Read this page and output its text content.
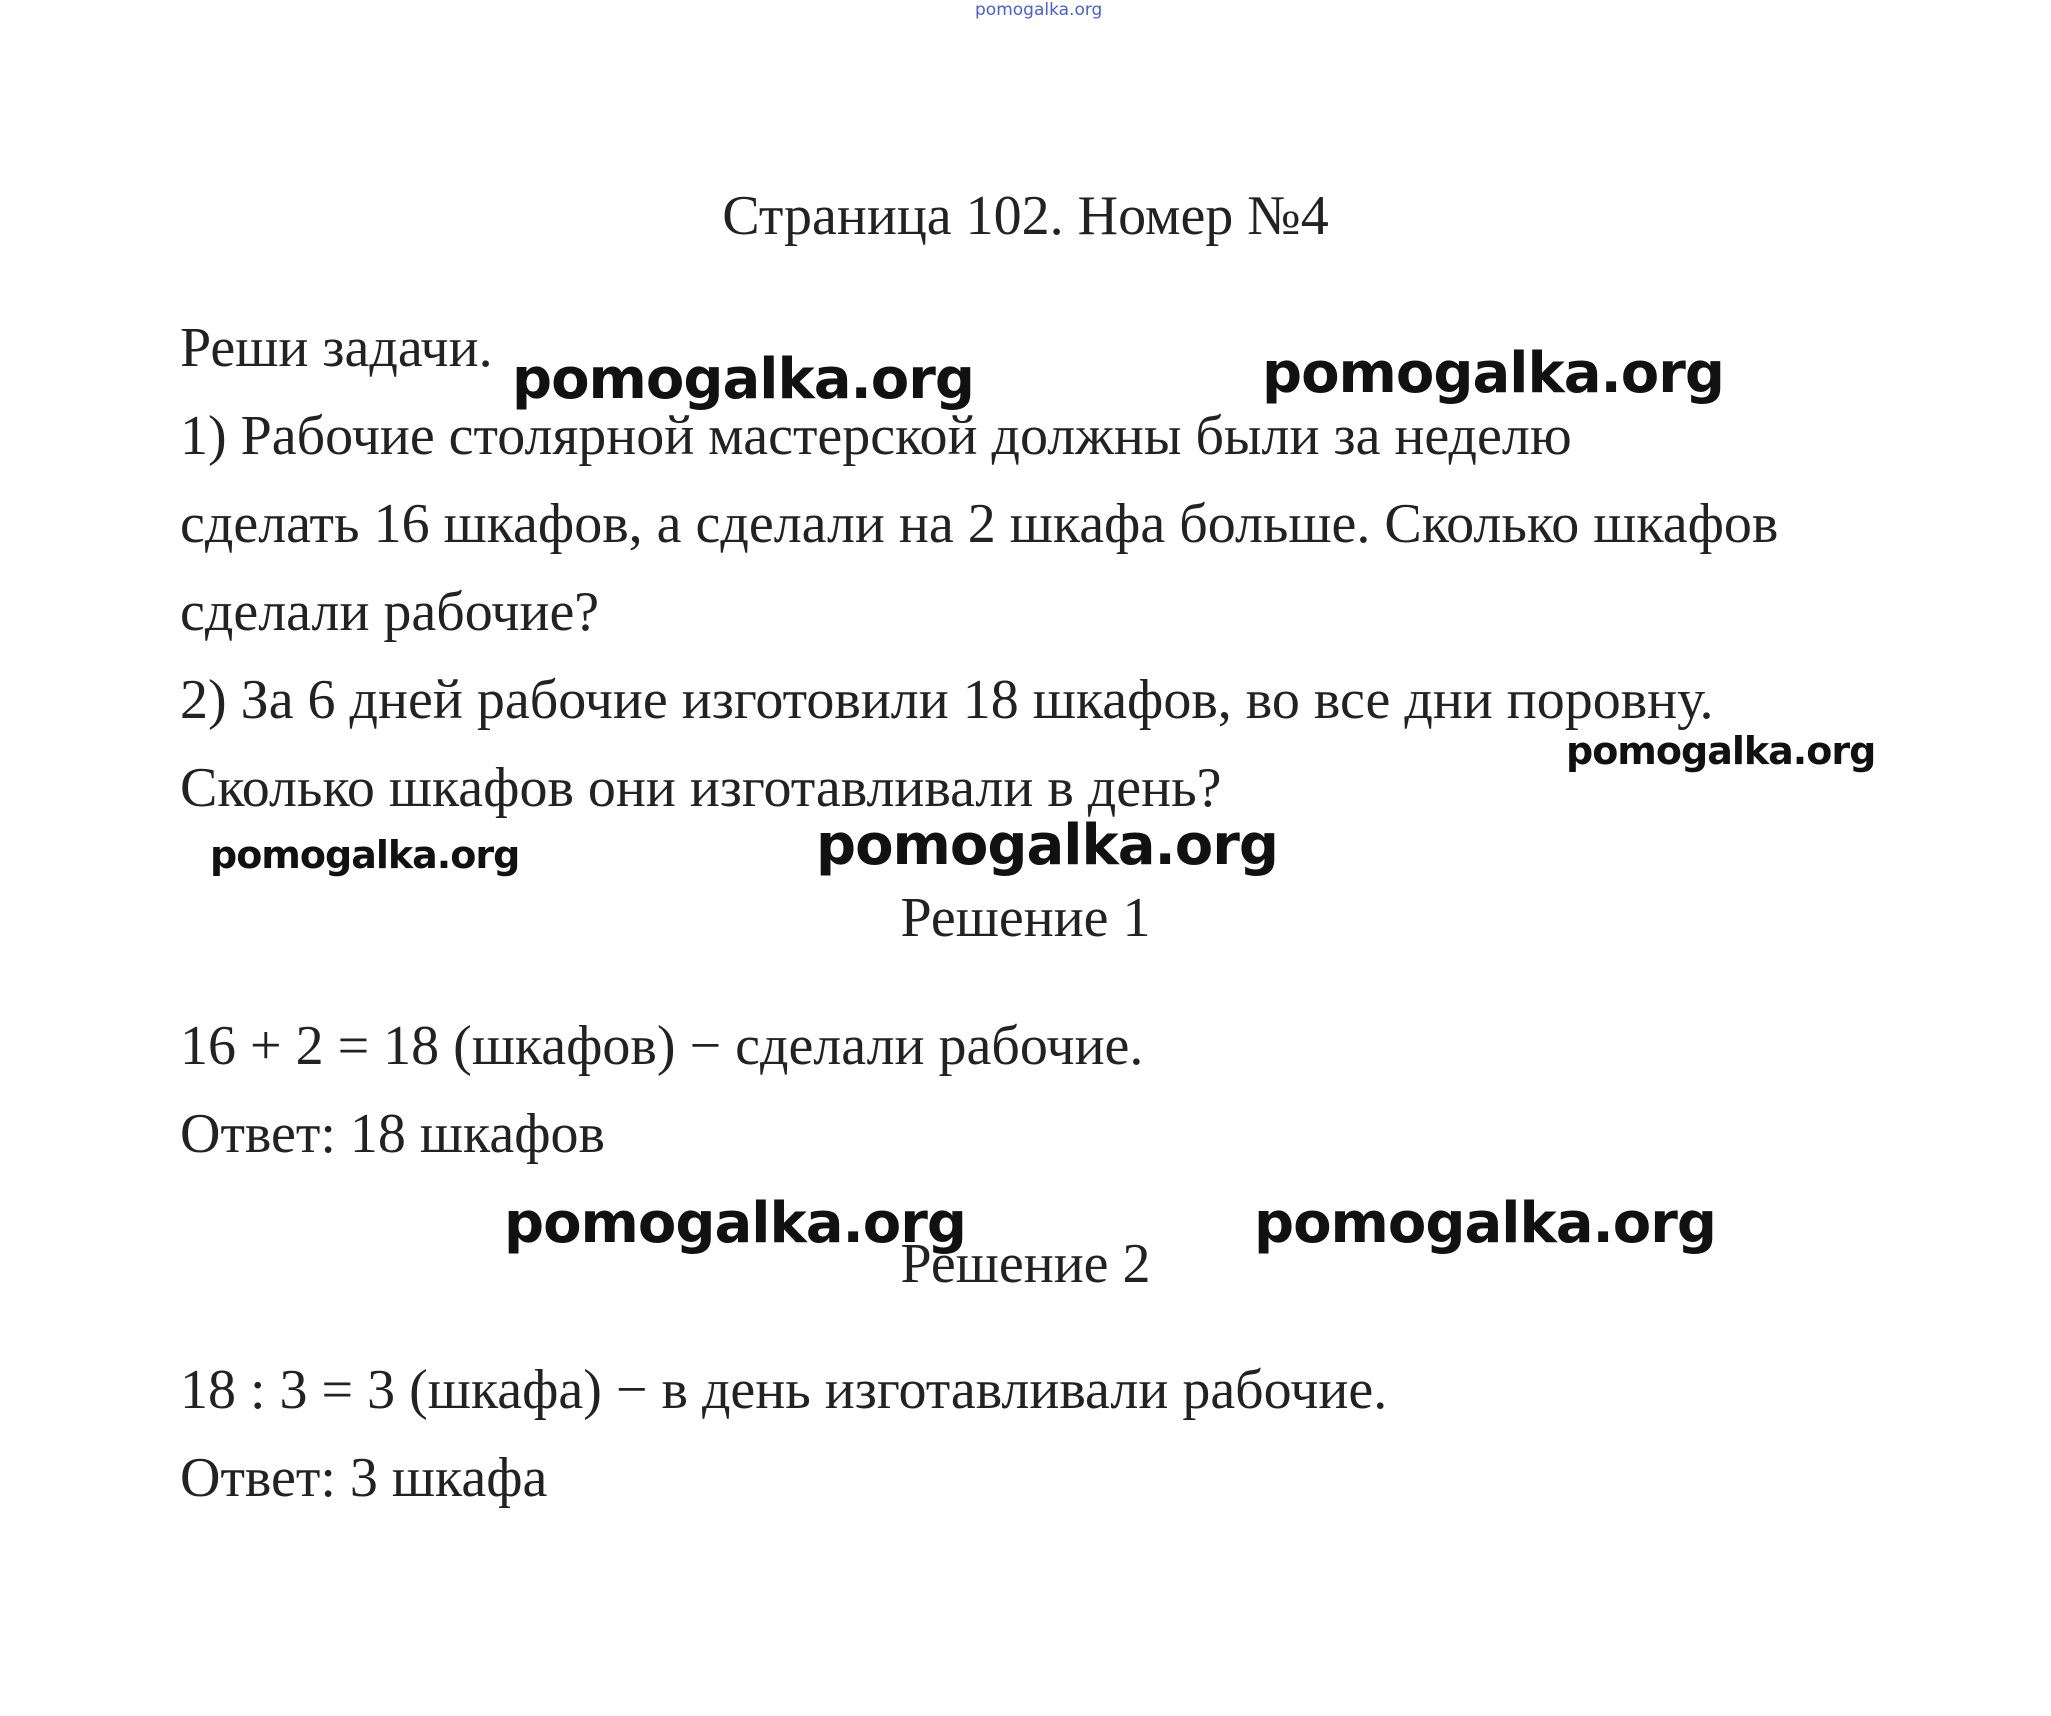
pomogalka.org
Страница 102. Номер №4
Реши задачи.
1) Рабочие столярной мастерской должны были за неделю
сделать 16 шкафов, а сделали на 2 шкафа больше. Сколько шкафов
сделали рабочие?
2) За 6 дней рабочие изготовили 18 шкафов, во все дни поровну.
Сколько шкафов они изготавливали в день?
Решение 1
16 + 2 = 18 (шкафов) − сделали рабочие.
Ответ: 18 шкафов
Решение 2
18 : 3 = 3 (шкафа) − в день изготавливали рабочие.
Ответ: 3 шкафа
pomogalka.org	pomogalka.org
pomogalka.org
pomogalka.org	pomogalka.org
pomogalka.org	pomogalka.org
